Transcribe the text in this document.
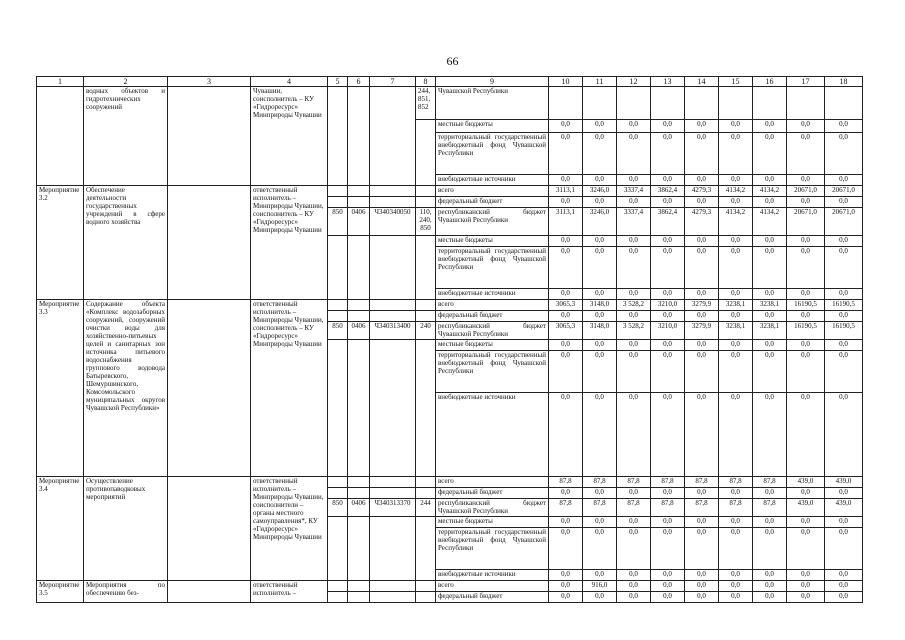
66
1	2	3	4	5	6	7	8	9	10	11	12	13	14	15	16	17	18
	водных объектов и гидротехнических сооружений		Чувашии, соисполнитель – КУ «Гидроресурс» Минприроды Чувашии				244, 851, 852	Чувашской Республики									
								местные бюджеты	0,0	0,0	0,0	0,0	0,0	0,0	0,0	0,0	0,0
								территориальный государственный внебюджетный фонд Чувашской Республики	0,0	0,0	0,0	0,0	0,0	0,0	0,0	0,0	0,0
								внебюджетные источники	0,0	0,0	0,0	0,0	0,0	0,0	0,0	0,0	0,0
Мероприятие 3.2	Обеспечение деятельности государственных учреждений в сфере водного хозяйства		ответственный исполнитель – Минприроды Чувашии, соисполнитель – КУ «Гидроресурс» Минприроды Чувашии					всего	3113,1	3246,0	3337,4	3862,4	4279,3	4134,2	4134,2	20671,0	20671,0
								федеральный бюджет	0,0	0,0	0,0	0,0	0,0	0,0	0,0	0,0	0,0
				850	0406	Ч340340050	110, 240, 850	республиканский бюджет Чувашской Республики	3113,1	3246,0	3337,4	3862,4	4279,3	4134,2	4134,2	20671,0	20671,0
								местные бюджеты	0,0	0,0	0,0	0,0	0,0	0,0	0,0	0,0	0,0
								территориальный государственный внебюджетный фонд Чувашской Республики	0,0	0,0	0,0	0,0	0,0	0,0	0,0	0,0	0,0
								внебюджетные источники	0,0	0,0	0,0	0,0	0,0	0,0	0,0	0,0	0,0
Мероприятие 3.3	Содержание объекта «Комплекс водозаборных сооружений, сооружений очистки воды для хозяйственно-питьевых целей и санитарных зон источника питьевого водоснабжения группового водовода Батыревского, Шемуршинского, Комсомольского муниципальных округов Чувашской Республики»		ответственный исполнитель – Минприроды Чувашии, соисполнитель – КУ «Гидроресурс» Минприроды Чувашии					всего	3065,3	3148,0	3 528,2	3210,0	3279,9	3238,1	3238,1	16190,5	16190,5
								федеральный бюджет	0,0	0,0	0,0	0,0	0,0	0,0	0,0	0,0	0,0
				850	0406	Ч340313400	240	республиканский бюджет Чувашской Республики	3065,3	3148,0	3 528,2	3210,0	3279,9	3238,1	3238,1	16190,5	16190,5
								местные бюджеты	0,0	0,0	0,0	0,0	0,0	0,0	0,0	0,0	0,0
								территориальный государственный внебюджетный фонд Чувашской Республики	0,0	0,0	0,0	0,0	0,0	0,0	0,0	0,0	0,0
								внебюджетные источники	0,0	0,0	0,0	0,0	0,0	0,0	0,0	0,0	0,0
Мероприятие 3.4	Осуществление противопаводковых мероприятий		ответственный исполнитель – Минприроды Чувашии, соисполнители – органы местного самоуправления*, КУ «Гидроресурс» Минприроды Чувашии					всего	87,8	87,8	87,8	87,8	87,8	87,8	87,8	439,0	439,0
								федеральный бюджет	0,0	0,0	0,0	0,0	0,0	0,0	0,0	0,0	0,0
				850	0406	Ч340313370	244	республиканский бюджет Чувашской Республики	87,8	87,8	87,8	87,8	87,8	87,8	87,8	439,0	439,0
								местные бюджеты	0,0	0,0	0,0	0,0	0,0	0,0	0,0	0,0	0,0
								территориальный государственный внебюджетный фонд Чувашской Республики	0,0	0,0	0,0	0,0	0,0	0,0	0,0	0,0	0,0
								внебюджетные источники	0,0	0,0	0,0	0,0	0,0	0,0	0,0	0,0	0,0
Мероприятие 3.5	Мероприятия по обеспечению без-		ответственный исполнитель –					всего	0,0	916,0	0,0	0,0	0,0	0,0	0,0	0,0	0,0
								федеральный бюджет	0,0	0,0	0,0	0,0	0,0	0,0	0,0	0,0	0,0
